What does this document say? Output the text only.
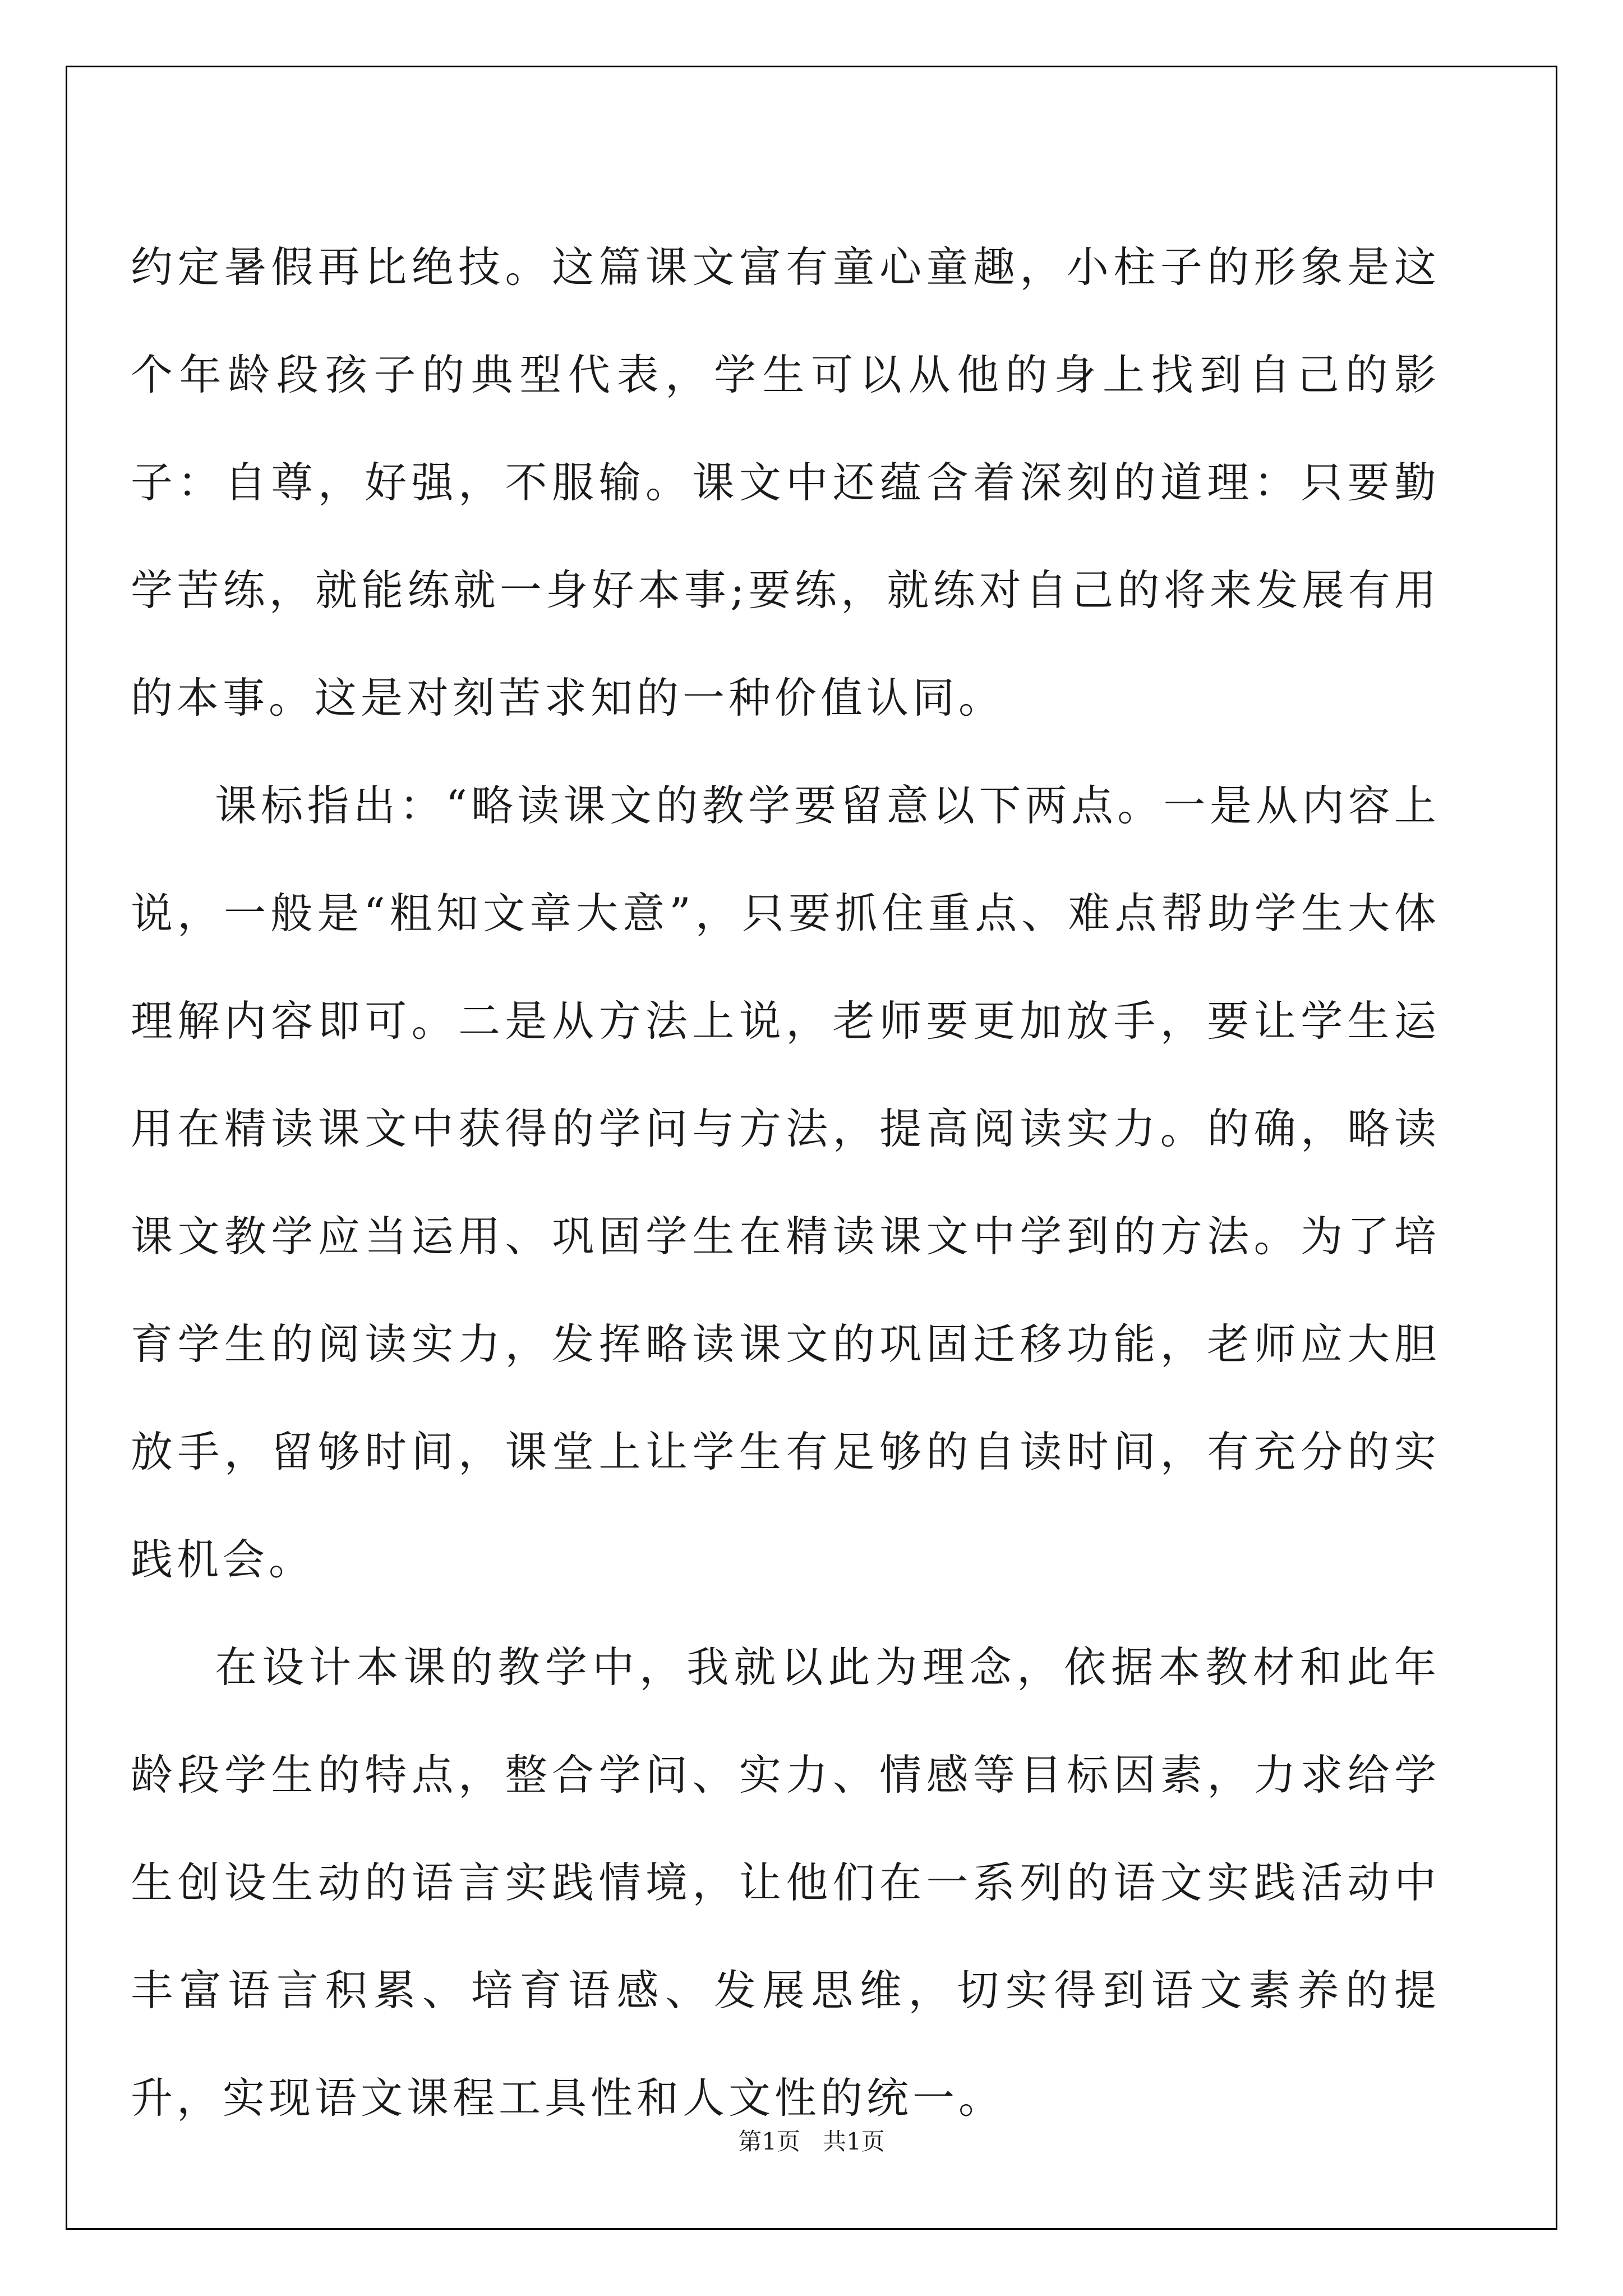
约定暑假再比绝技。这篇课文富有童心童趣，小柱子的形象是这个年龄段孩子的典型代表，学生可以从他的身上找到自己的影子：自尊，好强，不服输。课文中还蕴含着深刻的道理：只要勤学苦练，就能练就一身好本事;要练，就练对自己的将来发展有用的本事。这是对刻苦求知的一种价值认同。

课标指出：“略读课文的教学要留意以下两点。一是从内容上说，一般是“粗知文章大意”，只要抓住重点、难点帮助学生大体理解内容即可。二是从方法上说，老师要更加放手，要让学生运用在精读课文中获得的学问与方法，提高阅读实力。的确，略读课文教学应当运用、巩固学生在精读课文中学到的方法。为了培育学生的阅读实力，发挥略读课文的巩固迁移功能，老师应大胆放手，留够时间，课堂上让学生有足够的自读时间，有充分的实践机会。

在设计本课的教学中，我就以此为理念，依据本教材和此年龄段学生的特点，整合学问、实力、情感等目标因素，力求给学生创设生动的语言实践情境，让他们在一系列的语文实践活动中丰富语言积累、培育语感、发展思维，切实得到语文素养的提升，实现语文课程工具性和人文性的统一。

第1页 共1页
